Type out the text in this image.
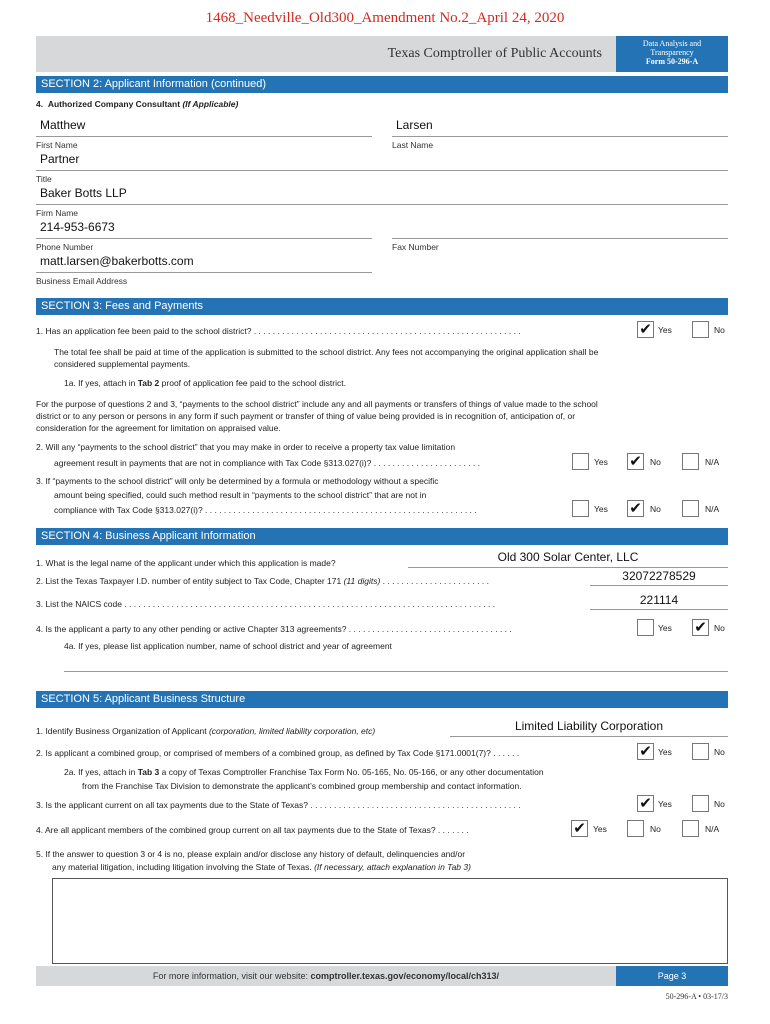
1468_Needville_Old300_Amendment No.2_April 24, 2020
Texas Comptroller of Public Accounts
Data Analysis and
Transparency
Form 50-296-A
SECTION 2: Applicant Information (continued)
4. Authorized Company Consultant (If Applicable)
Matthew
First Name
Larsen
Last Name
Partner
Title
Baker Botts LLP
Firm Name
214-953-6673
Phone Number	Fax Number
matt.larsen@bakerbotts.com
Business Email Address
SECTION 3: Fees and Payments
1. Has an application fee been paid to the school district? . . . . . . . . . . . . . . . . . . . . . . . . . . . . . . . . . . . . . . . . . . . . . . . . . . . . . . . . .	✔ Yes	No
The total fee shall be paid at time of the application is submitted to the school district. Any fees not accompanying the original application shall be
considered supplemental payments.
1a. If yes, attach in Tab 2 proof of application fee paid to the school district.
For the purpose of questions 2 and 3, “payments to the school district” include any and all payments or transfers of things of value made to the school
district or to any person or persons in any form if such payment or transfer of thing of value being provided is in recognition of, anticipation of, or
consideration for the agreement for limitation on appraised value.
2. Will any “payments to the school district” that you may make in order to receive a property tax value limitation
agreement result in payments that are not in compliance with Tax Code §313.027(i)? . . . . . . . . . . . . . . . . . . . . . . .	Yes ✔ No	N/A
3. If “payments to the school district” will only be determined by a formula or methodology without a specific
amount being specified, could such method result in “payments to the school district” that are not in
compliance with Tax Code §313.027(i)? . . . . . . . . . . . . . . . . . . . . . . . . . . . . . . . . . . . . . . . . . . . . . . . . . . . . . . . . . .	Yes ✔ No	N/A
SECTION 4: Business Applicant Information
1. What is the legal name of the applicant under which this application is made?	Old 300 Solar Center, LLC
2. List the Texas Taxpayer I.D. number of entity subject to Tax Code, Chapter 171 (11 digits) . . . . . . . . . . . . . . . . . . . . . . .	32072278529
3. List the NAICS code . . . . . . . . . . . . . . . . . . . . . . . . . . . . . . . . . . . . . . . . . . . . . . . . . . . . . . . . . . . . . . . . . . . . . . . . . . . . . . .	221114
4. Is the applicant a party to any other pending or active Chapter 313 agreements? . . . . . . . . . . . . . . . . . . . . . . . . . . . . . . . . . . .	Yes ✔ No
4a. If yes, please list application number, name of school district and year of agreement
SECTION 5: Applicant Business Structure
1. Identify Business Organization of Applicant (corporation, limited liability corporation, etc)	Limited Liability Corporation
2. Is applicant a combined group, or comprised of members of a combined group, as defined by Tax Code §171.0001(7)? . . . . . .	✔ Yes	No
2a. If yes, attach in Tab 3 a copy of Texas Comptroller Franchise Tax Form No. 05-165, No. 05-166, or any other documentation
from the Franchise Tax Division to demonstrate the applicant’s combined group membership and contact information.
3. Is the applicant current on all tax payments due to the State of Texas? . . . . . . . . . . . . . . . . . . . . . . . . . . . . . . . . . . . . . . . . . . . . .	✔ Yes	No
4. Are all applicant members of the combined group current on all tax payments due to the State of Texas? . . . . . . .	✔ Yes	No	N/A
5. If the answer to question 3 or 4 is no, please explain and/or disclose any history of default, delinquencies and/or
any material litigation, including litigation involving the State of Texas. (If necessary, attach explanation in Tab 3)
For more information, visit our website: comptroller.texas.gov/economy/local/ch313/	Page 3
50-296-A • 03-17/3
